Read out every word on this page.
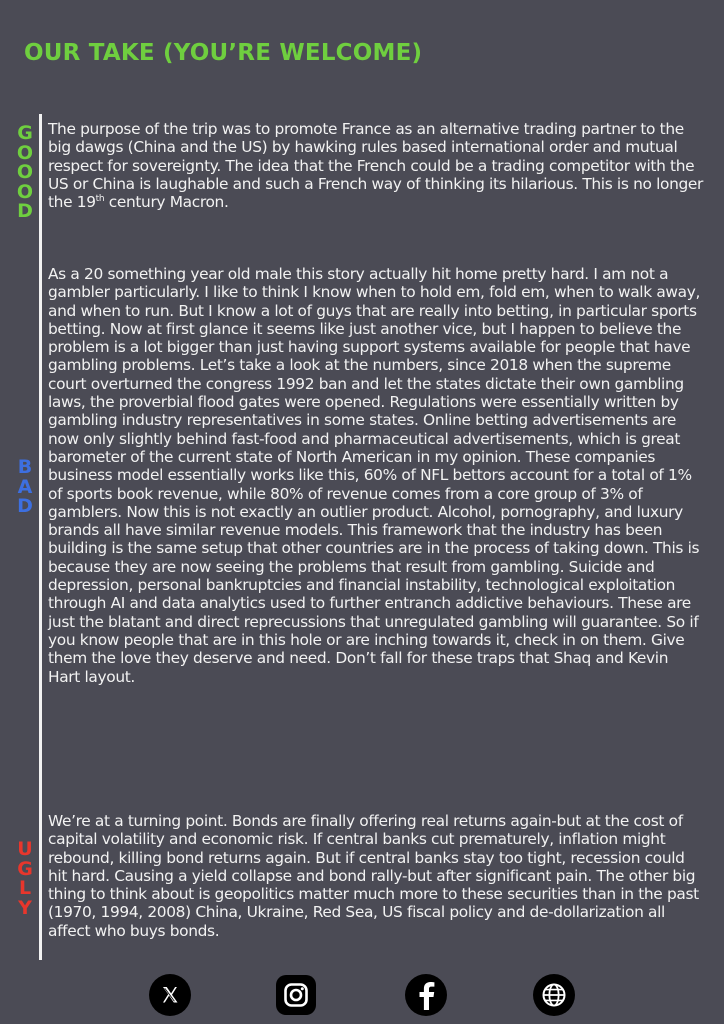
OUR TAKE (YOU’RE WELCOME)
G
O
O
O
D

The purpose of the trip was to promote France as an alternative trading partner to the big dawgs (China and the US) by hawking rules based international order and mutual respect for sovereignty. The idea that the French could be a trading competitor with the US or China is laughable and such a French way of thinking its hilarious. This is no longer the 19th century Macron.

B
A
D

As a 20 something year old male this story actually hit home pretty hard. I am not a gambler particularly. I like to think I know when to hold em, fold em, when to walk away, and when to run. But I know a lot of guys that are really into betting, in particular sports betting. Now at first glance it seems like just another vice, but I happen to believe the problem is a lot bigger than just having support systems available for people that have gambling problems. Let’s take a look at the numbers, since 2018 when the supreme court overturned the congress 1992 ban and let the states dictate their own gambling laws, the proverbial flood gates were opened. Regulations were essentially written by gambling industry representatives in some states. Online betting advertisements are now only slightly behind fast-food and pharmaceutical advertisements, which is great barometer of the current state of North American in my opinion. These companies business model essentially works like this, 60% of NFL bettors account for a total of 1% of sports book revenue, while 80% of revenue comes from a core group of 3% of gamblers. Now this is not exactly an outlier product. Alcohol, pornography, and luxury brands all have similar revenue models. This framework that the industry has been building is the same setup that other countries are in the process of taking down. This is because they are now seeing the problems that result from gambling. Suicide and depression, personal bankruptcies and financial instability, technological exploitation through AI and data analytics used to further entranch addictive behaviours. These are just the blatant and direct reprecussions that unregulated gambling will guarantee. So if you know people that are in this hole or are inching towards it, check in on them. Give them the love they deserve and need. Don’t fall for these traps that Shaq and Kevin Hart layout.

U
G
L
Y

We’re at a turning point. Bonds are finally offering real returns again-but at the cost of capital volatility and economic risk. If central banks cut prematurely, inflation might rebound, killing bond returns again. But if central banks stay too tight, recession could hit hard. Causing a yield collapse and bond rally-but after significant pain. The other big thing to think about is geopolitics matter much more to these securities than in the past (1970, 1994, 2008) China, Ukraine, Red Sea, US fiscal policy and de-dollarization all affect who buys bonds.
